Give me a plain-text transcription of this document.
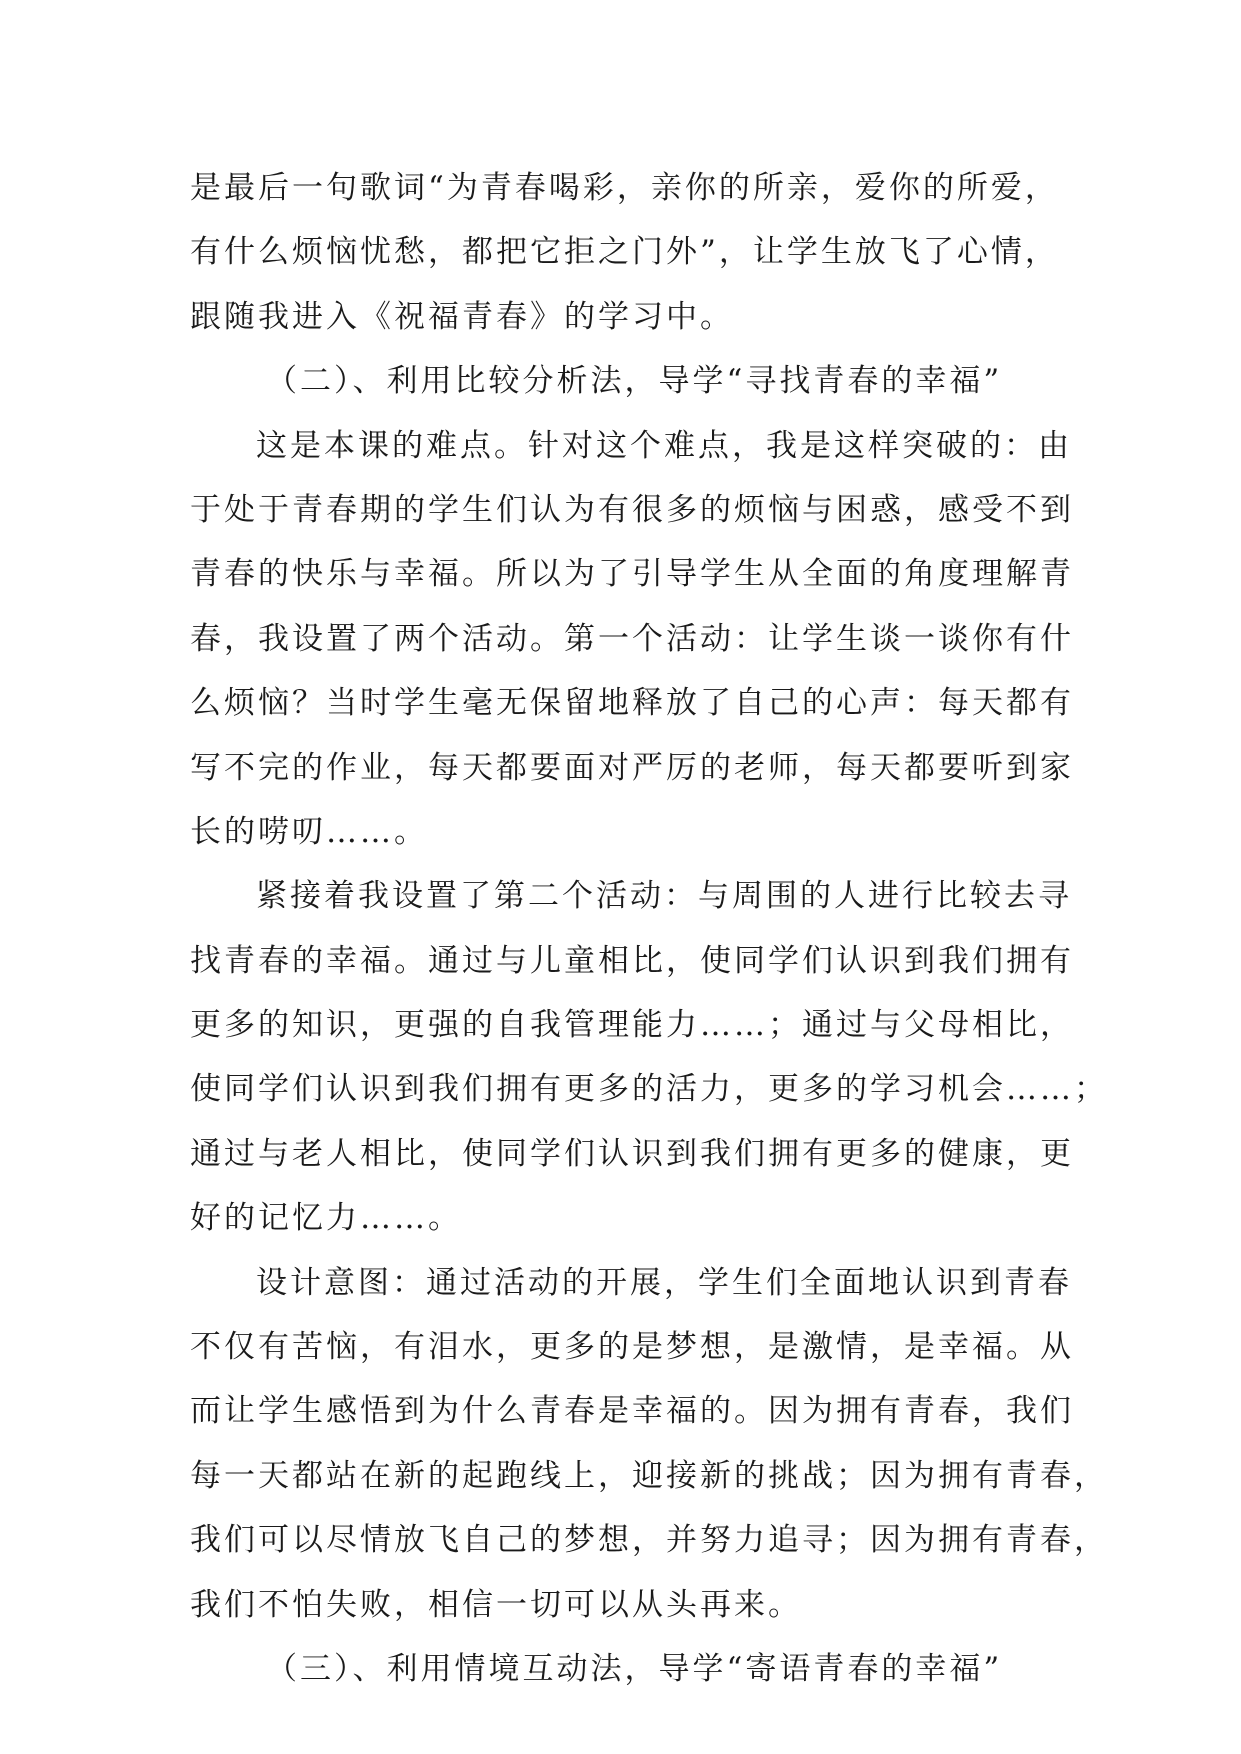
是最后一句歌词“为青春喝彩，亲你的所亲，爱你的所爱，
有什么烦恼忧愁，都把它拒之门外”，让学生放飞了心情，
跟随我进入《祝福青春》的学习中。
（二）、利用比较分析法，导学“寻找青春的幸福”
这是本课的难点。针对这个难点，我是这样突破的：由
于处于青春期的学生们认为有很多的烦恼与困惑，感受不到
青春的快乐与幸福。所以为了引导学生从全面的角度理解青
春，我设置了两个活动。第一个活动：让学生谈一谈你有什
么烦恼？当时学生毫无保留地释放了自己的心声：每天都有
写不完的作业，每天都要面对严厉的老师，每天都要听到家
长的唠叨……。
紧接着我设置了第二个活动：与周围的人进行比较去寻
找青春的幸福。通过与儿童相比，使同学们认识到我们拥有
更多的知识，更强的自我管理能力……；通过与父母相比，
使同学们认识到我们拥有更多的活力，更多的学习机会……；
通过与老人相比，使同学们认识到我们拥有更多的健康，更
好的记忆力……。
设计意图：通过活动的开展，学生们全面地认识到青春
不仅有苦恼，有泪水，更多的是梦想，是激情，是幸福。从
而让学生感悟到为什么青春是幸福的。因为拥有青春，我们
每一天都站在新的起跑线上，迎接新的挑战；因为拥有青春，
我们可以尽情放飞自己的梦想，并努力追寻；因为拥有青春，
我们不怕失败，相信一切可以从头再来。
（三）、利用情境互动法，导学“寄语青春的幸福”
